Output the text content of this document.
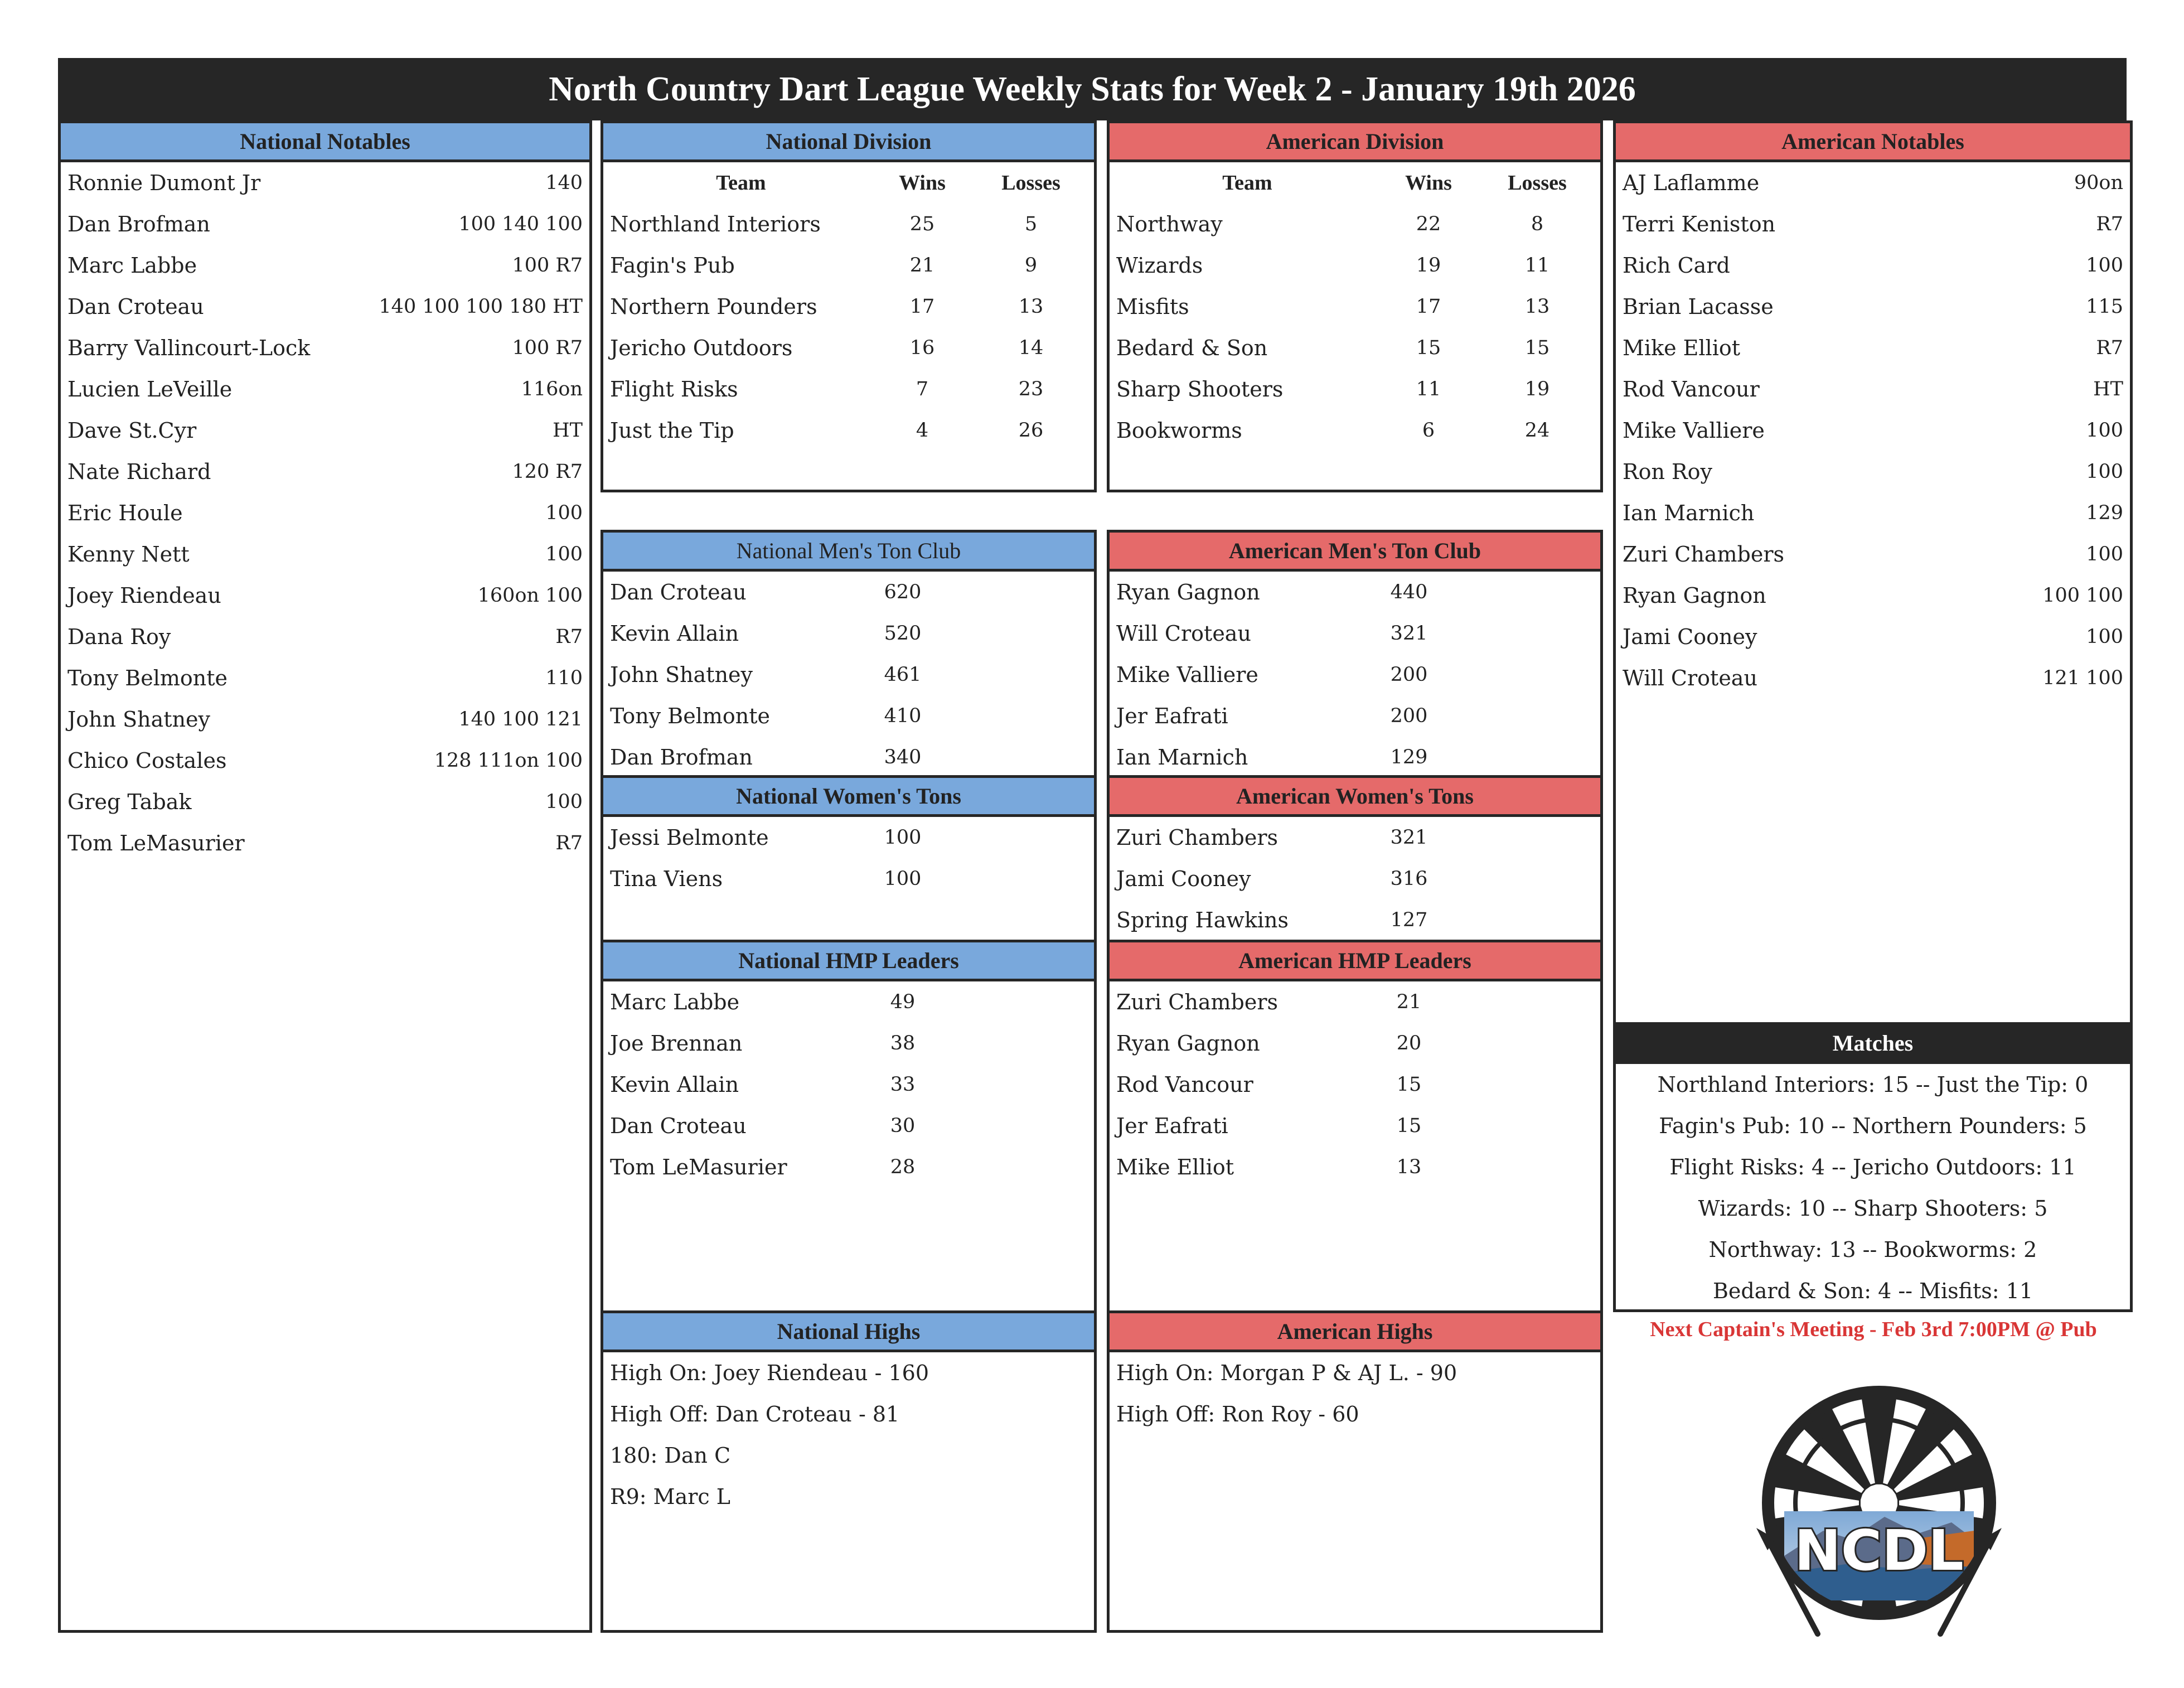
North Country Dart League Weekly Stats for Week 2 - January 19th 2026
National Notables
Ronnie Dumont Jr	140
Dan Brofman	100 140 100
Marc Labbe	100 R7
Dan Croteau	140 100 100 180 HT
Barry Vallincourt-Lock	100 R7
Lucien LeVeille	116on
Dave St.Cyr	HT
Nate Richard	120 R7
Eric Houle	100
Kenny Nett	100
Joey Riendeau	160on 100
Dana Roy	R7
Tony Belmonte	110
John Shatney	140 100 121
Chico Costales	128 111on 100
Greg Tabak	100
Tom LeMasurier	R7
National Division
Team	Wins	Losses
Northland Interiors	25	5
Fagin's Pub	21	9
Northern Pounders	17	13
Jericho Outdoors	16	14
Flight Risks	7	23
Just the Tip	4	26
American Division
Team	Wins	Losses
Northway	22	8
Wizards	19	11
Misfits	17	13
Bedard & Son	15	15
Sharp Shooters	11	19
Bookworms	6	24
American Notables
AJ Laflamme	90on
Terri Keniston	R7
Rich Card	100
Brian Lacasse	115
Mike Elliot	R7
Rod Vancour	HT
Mike Valliere	100
Ron Roy	100
Ian Marnich	129
Zuri Chambers	100
Ryan Gagnon	100 100
Jami Cooney	100
Will Croteau	121 100
Matches
Northland Interiors: 15 -- Just the Tip: 0
Fagin's Pub: 10 -- Northern Pounders: 5
Flight Risks: 4 -- Jericho Outdoors: 11
Wizards: 10 -- Sharp Shooters: 5
Northway: 13 -- Bookworms: 2
Bedard & Son: 4 -- Misfits: 11
National Men's Ton Club
Dan Croteau	620
Kevin Allain	520
John Shatney	461
Tony Belmonte	410
Dan Brofman	340
American Men's Ton Club
Ryan Gagnon	440
Will Croteau	321
Mike Valliere	200
Jer Eafrati	200
Ian Marnich	129
National Women's Tons
Jessi Belmonte	100
Tina Viens	100
American Women's Tons
Zuri Chambers	321
Jami Cooney	316
Spring Hawkins	127
National HMP Leaders
Marc Labbe	49
Joe Brennan	38
Kevin Allain	33
Dan Croteau	30
Tom LeMasurier	28
American HMP Leaders
Zuri Chambers	21
Ryan Gagnon	20
Rod Vancour	15
Jer Eafrati	15
Mike Elliot	13
National Highs
High On: Joey Riendeau - 160
High Off: Dan Croteau - 81
180: Dan C
R9: Marc L
American Highs
High On: Morgan P & AJ L. - 90
High Off: Ron Roy - 60
Next Captain's Meeting - Feb 3rd 7:00PM @ Pub
NCDL
